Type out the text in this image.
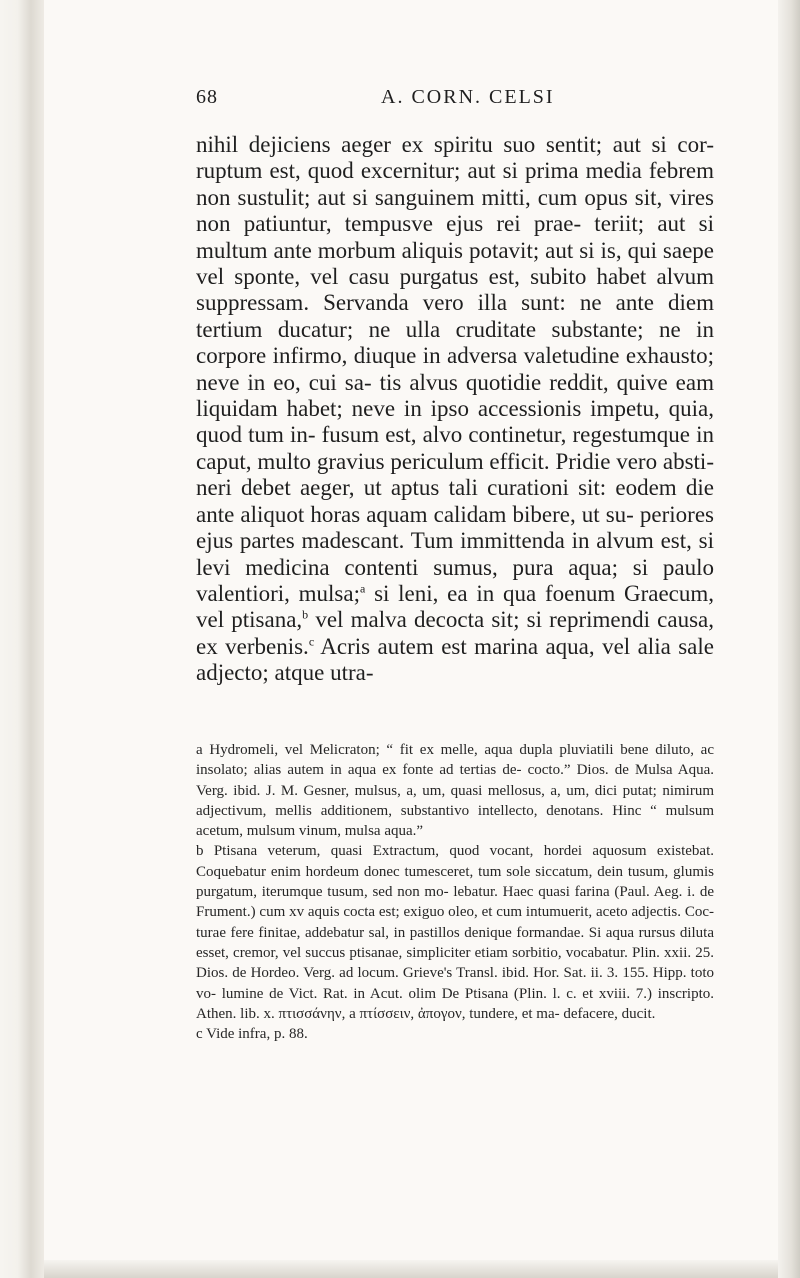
68	A. CORN. CELSI

nihil dejiciens aeger ex spiritu suo sentit; aut si cor- ruptum est, quod excernitur; aut si prima media febrem non sustulit; aut si sanguinem mitti, cum opus sit, vires non patiuntur, tempusve ejus rei prae- teriit; aut si multum ante morbum aliquis potavit; aut si is, qui saepe vel sponte, vel casu purgatus est, subito habet alvum suppressam. Servanda vero illa sunt: ne ante diem tertium ducatur; ne ulla cruditate substante; ne in corpore infirmo, diuque in adversa valetudine exhausto; neve in eo, cui sa- tis alvus quotidie reddit, quive eam liquidam habet; neve in ipso accessionis impetu, quia, quod tum in- fusum est, alvo continetur, regestumque in caput, multo gravius periculum efficit. Pridie vero absti- neri debet aeger, ut aptus tali curationi sit: eodem die ante aliquot horas aquam calidam bibere, ut su- periores ejus partes madescant. Tum immittenda in alvum est, si levi medicina contenti sumus, pura aqua; si paulo valentiori, mulsa;$^a$ si leni, ea in qua foenum Graecum, vel ptisana,$^b$ vel malva decocta sit; si reprimendi causa, ex verbenis.$^c$ Acris autem est marina aqua, vel alia sale adjecto; atque utra-

a Hydromeli, vel Melicraton; “ fit ex melle, aqua dupla pluviatili bene diluto, ac insolato; alias autem in aqua ex fonte ad tertias de- cocto.” Dios. de Mulsa Aqua. Verg. ibid. J. M. Gesner, mulsus, a, um, quasi mellosus, a, um, dici putat; nimirum adjectivum, mellis additionem, substantivo intellecto, denotans. Hinc “ mulsum acetum, mulsum vinum, mulsa aqua.”

b Ptisana veterum, quasi Extractum, quod vocant, hordei aquosum existebat. Coquebatur enim hordeum donec tumesceret, tum sole siccatum, dein tusum, glumis purgatum, iterumque tusum, sed non mo- lebatur. Haec quasi farina (Paul. Aeg. i. de Frument.) cum xv aquis cocta est; exiguo oleo, et cum intumuerit, aceto adjectis. Coc- turae fere finitae, addebatur sal, in pastillos denique formandae. Si aqua rursus diluta esset, cremor, vel succus ptisanae, simpliciter etiam sorbitio, vocabatur. Plin. xxii. 25. Dios. de Hordeo. Verg. ad locum. Grieve's Transl. ibid. Hor. Sat. ii. 3. 155. Hipp. toto vo- lumine de Vict. Rat. in Acut. olim De Ptisana (Plin. l. c. et xviii. 7.) inscripto. Athen. lib. x. πτισσάνην, a πτίσσειν, ἀπογον, tundere, et ma- defacere, ducit.

c Vide infra, p. 88.
